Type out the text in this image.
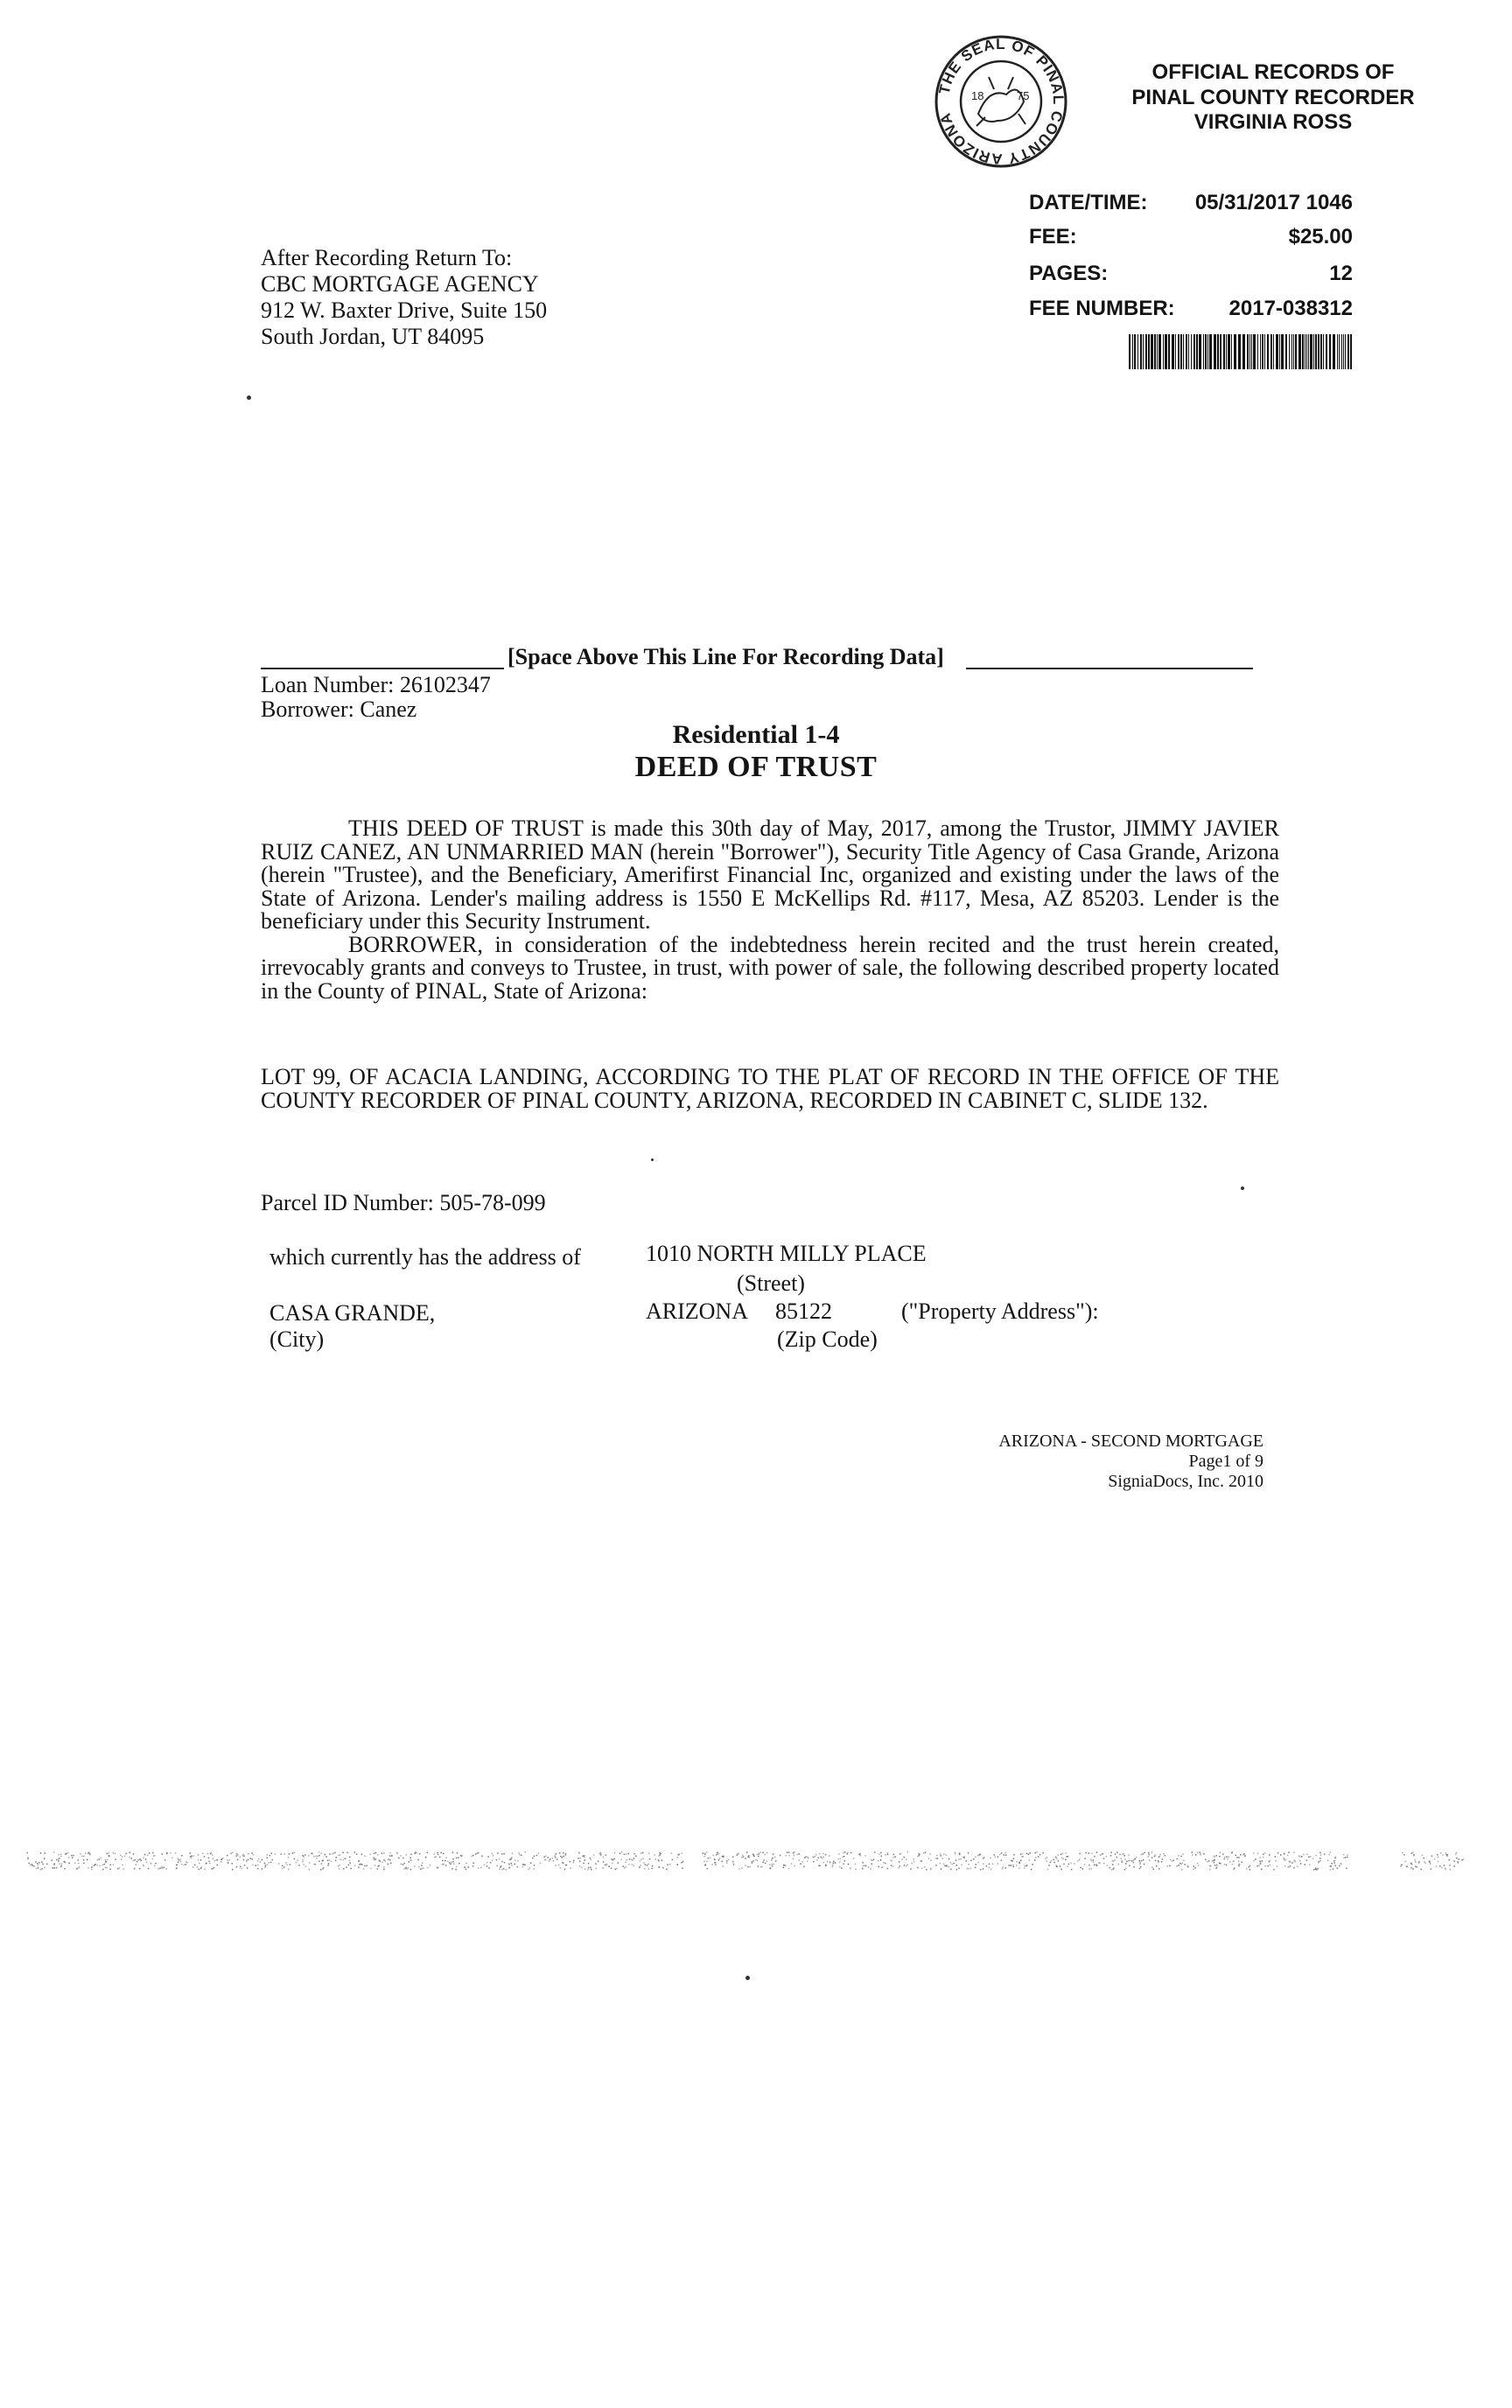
THE SEAL OF PINAL COUNTY ARIZONA
18	75
OFFICIAL RECORDS OF
PINAL COUNTY RECORDER
VIRGINIA ROSS
DATE/TIME: 05/31/2017 1046
FEE:	$25.00
PAGES:	12
FEE NUMBER:	2017-038312
After Recording Return To:
CBC MORTGAGE AGENCY
912 W. Baxter Drive, Suite 150
South Jordan, UT 84095
[Space Above This Line For Recording Data]
Loan Number: 26102347
Borrower: Canez
Residential 1-4
DEED OF TRUST

THIS DEED OF TRUST is made this 30th day of May, 2017, among the Trustor, JIMMY JAVIER RUIZ CANEZ, AN UNMARRIED MAN (herein "Borrower"), Security Title Agency of Casa Grande, Arizona (herein "Trustee), and the Beneficiary, Amerifirst Financial Inc, organized and existing under the laws of the State of Arizona. Lender's mailing address is 1550 E McKellips Rd. #117, Mesa, AZ 85203. Lender is the beneficiary under this Security Instrument.

BORROWER, in consideration of the indebtedness herein recited and the trust herein created, irrevocably grants and conveys to Trustee, in trust, with power of sale, the following described property located in the County of PINAL, State of Arizona:

LOT 99, OF ACACIA LANDING, ACCORDING TO THE PLAT OF RECORD IN THE OFFICE OF THE COUNTY RECORDER OF PINAL COUNTY, ARIZONA, RECORDED IN CABINET C, SLIDE 132.
Parcel ID Number: 505-78-099
which currently has the address of	1010 NORTH MILLY PLACE
(Street)
CASA GRANDE,	ARIZONA 85122	("Property Address"):
(City)	(Zip Code)
ARIZONA - SECOND MORTGAGE
Page1 of 9
SigniaDocs, Inc. 2010
